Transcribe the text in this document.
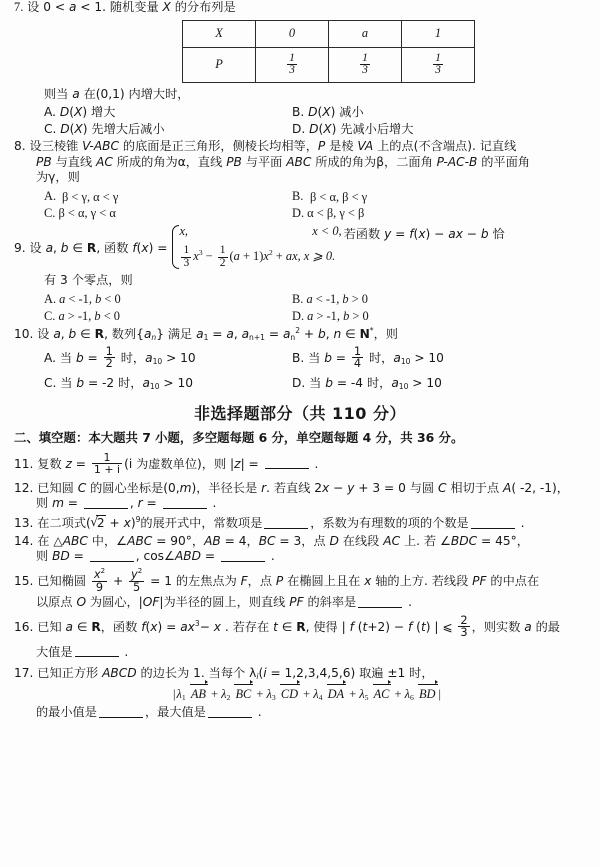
7. 设 0 < a < 1. 随机变量 X 的分布列是
X	0	a	1
P	$\frac{1}{3}$	$\frac{1}{3}$	$\frac{1}{3}$
则当 a 在(0,1) 内增大时，
A. D(X) 增大	B. D(X) 减小
C. D(X) 先增大后减小	D. D(X) 先减小后增大
8. 设三棱锥 V-ABC 的底面是正三角形，侧棱长均相等，P 是棱 VA 上的点(不含端点). 记直线
PB 与直线 AC 所成的角为α，直线 PB 与平面 ABC 所成的角为β，二面角 P-AC-B 的平面角
为γ，则
A.	B.
β < γ, α < γ	β < α, β < γ
C. β < α, γ < α	D. α < β, γ < β
9. 设 a, b ∈ R, 函数 f(x) =
x,	x < 0,
$\frac{1}{3} x^3 - \frac{1}{2} (a + 1)x^2$ + ax, x ⩾ 0.
若函数 y = f(x) − ax − b 恰
有 3 个零点，则
A. a < -1, b < 0	B. a < -1, b > 0
C. a > -1, b < 0	D. a > -1, b > 0
10. 设 a, b ∈ R, 数列$\{a_n\}$ 满足 $a_1 = a$, $a_{n+1} = a_n^2 + b$, n ∈ N*，则
A. 当 $b = \frac{1}{2}$ 时，$a_{10} > 10$	B. 当 $b = \frac{1}{4}$ 时，$a_{10} > 10$
C. 当 b = -2 时，$a_{10} > 10$	D. 当 b = -4 时，$a_{10} > 10$
非选择题部分（共 110 分）
二、填空题：本大题共 7 小题，多空题每题 6 分，单空题每题 4 分，共 36 分。
11. 复数 $z = \frac{1}{1 + i} (i$ 为虚数单位)，则 |z| =	.
12. 已知圆 C 的圆心坐标是(0,m)，半径长是 r. 若直线 2x − y + 3 = 0 与圆 C 相切于点 A( -2, -1)，
则 m =	, r =	.
13. 在二项式( √ 2 + x)$^9$的展开式中，常数项是	，系数为有理数的项的个数是	.
14. 在 △ABC 中，∠ABC = 90°，AB = 4，BC = 3，点 D 在线段 AC 上. 若 ∠BDC = 45°，
则 BD =	, cos∠ABD =	.
15. 已知椭圆 $\frac{x^2}{9} + \frac{y^2}{5} = 1$ 的左焦点为 F，点 P 在椭圆上且在 x 轴的上方. 若线段 PF 的中点在
以原点 O 为圆心，|OF|为半径的圆上，则直线 PF 的斜率是	.
16. 已知 a ∈ R，函数 $f(x) = ax^3- x$ . 若存在 t ∈ R, 使得 | f (t+2) − f (t) | ⩽ $\frac{2}{3}$ ，则实数 a 的最
大值是	.
17. 已知正方形 ABCD 的边长为 1. 当每个 $\lambda_i(i = 1,2,3,4,5,6)$ 取遍 ±1 时，
$|\lambda_1$ AB + $\lambda_2$ BC + $\lambda_3$ CD + $\lambda_4$ DA + $\lambda_5$ AC + $\lambda_6$ BD |
的最小值是	，最大值是	.
